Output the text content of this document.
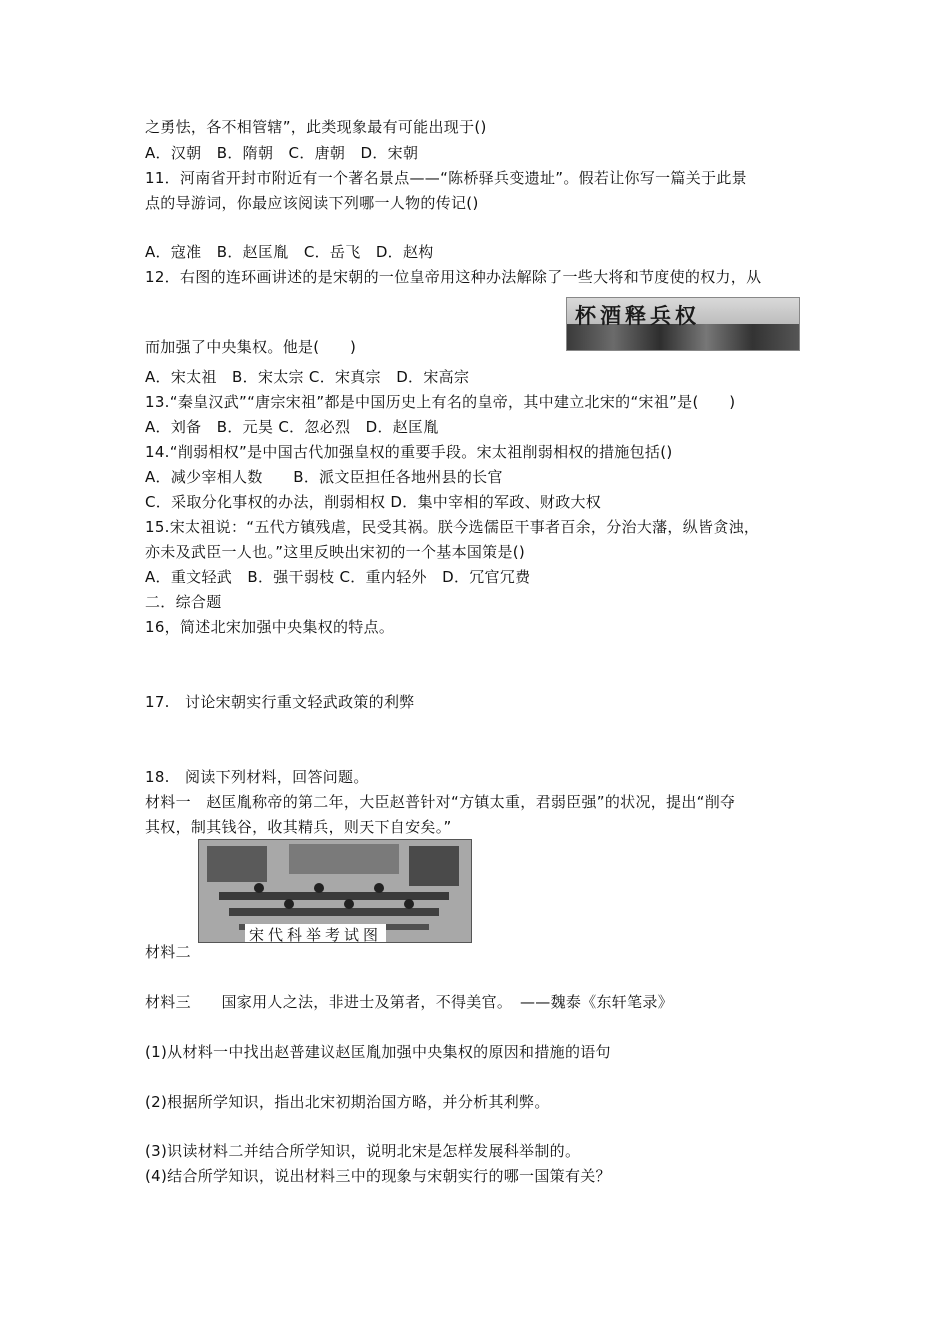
之勇怯，各不相管辖”，此类现象最有可能出现于()
A．汉朝　B．隋朝　C．唐朝　D．宋朝
11．河南省开封市附近有一个著名景点——“陈桥驿兵变遗址”。假若让你写一篇关于此景
点的导游词，你最应该阅读下列哪一人物的传记()
A．寇准　B．赵匡胤　C．岳飞　D．赵构
12．右图的连环画讲述的是宋朝的一位皇帝用这种办法解除了一些大将和节度使的权力，从
杯酒释兵权
而加强了中央集权。他是(　　)
A．宋太祖　B．宋太宗 C．宋真宗　D．宋高宗
13.“秦皇汉武”“唐宗宋祖”都是中国历史上有名的皇帝，其中建立北宋的“宋祖”是(　　)
A．刘备　B．元昊 C．忽必烈　D．赵匡胤
14.“削弱相权”是中国古代加强皇权的重要手段。宋太祖削弱相权的措施包括()
A．减少宰相人数　　B．派文臣担任各地州县的长官
C．采取分化事权的办法，削弱相权 D．集中宰相的军政、财政大权
15.宋太祖说：“五代方镇残虐，民受其祸。朕今选儒臣干事者百余，分治大藩，纵皆贪浊，
亦未及武臣一人也。”这里反映出宋初的一个基本国策是()
A．重文轻武　B．强干弱枝 C．重内轻外　D．冗官冗费
二．综合题
16，简述北宋加强中央集权的特点。
17.　讨论宋朝实行重文轻武政策的利弊
18.　阅读下列材料，回答问题。
材料一　赵匡胤称帝的第二年，大臣赵普针对“方镇太重，君弱臣强”的状况，提出“削夺
其权，制其钱谷，收其精兵，则天下自安矣。”
宋代科举考试图
材料二
材料三　　国家用人之法，非进士及第者，不得美官。　——魏泰《东轩笔录》
(1)从材料一中找出赵普建议赵匡胤加强中央集权的原因和措施的语句
(2)根据所学知识，指出北宋初期治国方略，并分析其利弊。
(3)识读材料二并结合所学知识，说明北宋是怎样发展科举制的。
(4)结合所学知识，说出材料三中的现象与宋朝实行的哪一国策有关？
